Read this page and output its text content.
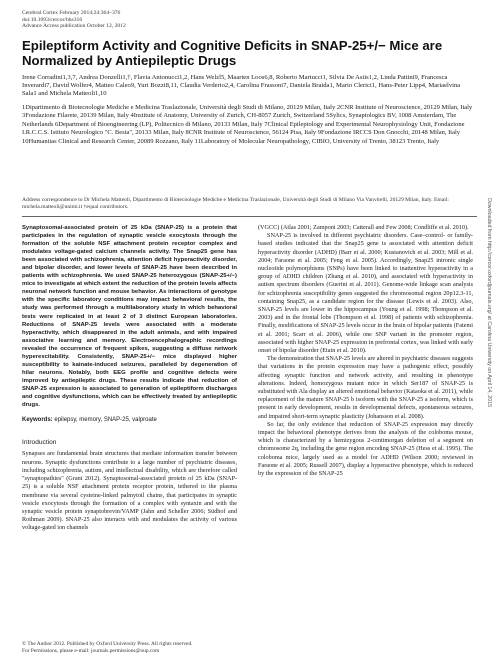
Cerebral Cortex February 2014;24:364–376
doi:10.1093/cercor/bhs316
Advance Access publication October 12, 2012
Epileptiform Activity and Cognitive Deficits in SNAP-25+/− Mice are Normalized by Antiepileptic Drugs
Irene Corradini1,3,7, Andrea Donzelli1,†, Flavia Antonucci1,2, Hans Welzl5, Maarten Loos6,8, Roberto Martucci1, Silvia De Astis1,2, Linda Pattini9, Francesca Inverardi7, David Wolfer4, Matteo Caleo9, Yuri Bozzi8,11, Claudia Verderio2,4, Carolina Frassoni7, Daniela Braida1, Mario Clerici1, Hans-Peter Lipp4, Mariaelvina Sala1 and Michela Matteoli1,10
1Dipartimento di Biotecnologie Mediche e Medicina Traslazionale, Università degli Studi di Milano, 20129 Milan, Italy 2CNR Institute of Neuroscience, 20129 Milan, Italy 3Fondazione Filarete, 20139 Milan, Italy 4Institute of Anatomy, University of Zurich, CH-8057 Zurich, Switzerland 5Sylics, Synaptologics BV, 1008 Amsterdam, The Netherlands 6Department of Bioengineering (LP), Politecnico di Milano, 20133 Milan, Italy 7Clinical Epileptology and Experimental Neurophysiology Unit, Fondazione I.R.C.C.S. Istituto Neurologico "C. Besta", 20133 Milan, Italy 8CNR Institute of Neuroscience, 56124 Pisa, Italy 9Fondazione IRCCS Don Gnocchi, 20148 Milan, Italy 10Humanitas Clinical and Research Center, 20089 Rozzano, Italy 11Laboratory of Molecular Neuropathology, CIBIO, University of Trento, 38123 Trento, Italy
Address correspondence to Dr Michela Matteoli, Dipartimento di Biotecnologie Mediche e Medicina Traslazionale, Università degli Studi di Milano Via Vanvitelli, 20129 Milan, Italy. Email: michela.matteoli@unimi.it †equal contributors.

Synaptosomal-associated protein of 25 kDa (SNAP-25) is a protein that participates in the regulation of synaptic vesicle exocytosis through the formation of the soluble NSF attachment protein receptor complex and modulates voltage-gated calcium channels activity. The Snap25 gene has been associated with schizophrenia, attention deficit hyperactivity disorder, and bipolar disorder, and lower levels of SNAP-25 have been described in patients with schizophrenia. We used SNAP-25 heterozygous (SNAP-25+/−) mice to investigate at which extent the reduction of the protein levels affects neuronal network function and mouse behavior. As interactions of genotype with the specific laboratory conditions may impact behavioral results, the study was performed through a multilaboratory study in which behavioral tests were replicated in at least 2 of 3 distinct European laboratories. Reductions of SNAP-25 levels were associated with a moderate hyperactivity, which disappeared in the adult animals, and with impaired associative learning and memory. Electroencephalographic recordings revealed the occurrence of frequent spikes, suggesting a diffuse network hyperexcitability. Consistently, SNAP-25+/− mice displayed higher susceptibility to kainate-induced seizures, paralleled by degeneration of hilar neurons. Notably, both EEG profile and cognitive defects were improved by antiepileptic drugs. These results indicate that reduction of SNAP-25 expression is associated to generation of epileptiform discharges and cognitive dysfunctions, which can be effectively treated by antiepileptic drugs.

Keywords: epilepsy, memory, SNAP-25, valproate

Introduction

Synapses are fundamental brain structures that mediate information transfer between neurons. Synaptic dysfunctions contribute to a large number of psychiatric diseases, including schizophrenia, autism, and intellectual disability, which are therefore called "synaptopathies" (Grant 2012). Synaptosomal-associated protein of 25 kDa (SNAP-25) is a soluble NSF attachment protein receptor protein, tethered to the plasma membrane via several cysteine-linked palmytoil chains, that participates in synaptic vesicle exocytosis through the formation of a complex with syntaxin and with the synaptic vesicle protein synaptobrevin/VAMP (Jahn and Scheller 2006; Südhof and Rothman 2009). SNAP-25 also interacts with and modulates the activity of various voltage-gated ion channels

(VGCC) (Atlas 2001; Zamponi 2003; Catterall and Few 2008; Condliffe et al. 2010).

SNAP-25 is involved in different psychiatric disorders. Case–control- or family-based studies indicated that the Snap25 gene is associated with attention deficit hyperactivity disorder (ADHD) (Barr et al. 2000; Kustanovich et al. 2003; Mill et al. 2004; Faraone et al. 2005; Feng et al. 2005). Accordingly, Snap25 intronic single nucleotide polymorphisms (SNPs) have been linked to inattentive hyperactivity in a group of ADHD children (Zhang et al. 2010), and associated with hyperactivity in autism spectrum disorders (Guerini et al. 2011). Genome-wide linkage scan analysis for schizophrenia susceptibility genes suggested the chromosomal region 20p12.3-11, containing Snap25, as a candidate region for the disease (Lewis et al. 2003). Also, SNAP-25 levels are lower in the hippocampus (Young et al. 1998; Thompson et al. 2003) and in the frontal lobe (Thompson et al. 1998) of patients with schizophrenia. Finally, modifications of SNAP-25 levels occur in the brain of bipolar patients (Fatemi et al. 2001; Scarr et al. 2006), while one SNP variant in the promoter region, associated with higher SNAP-25 expression in prefrontal cortex, was linked with early onset of bipolar disorder (Etain et al. 2010).

The demonstration that SNAP-25 levels are altered in psychiatric diseases suggests that variations in the protein expression may have a pathogenic effect, possibly affecting synaptic function and network activity, and resulting in phenotype alterations. Indeed, homozygous mutant mice in which Ser187 of SNAP-25 is substituted with Ala display an altered emotional behavior (Kataoka et al. 2011), while replacement of the mature SNAP-25 b isoform with the SNAP-25 a isoform, which is present in early development, results in developmental defects, spontaneous seizures, and impaired short-term synaptic plasticity (Johansson et al. 2008).

So far, the only evidence that reduction of SNAP-25 expression may directly impact the behavioral phenotype derives from the analysis of the coloboma mouse, which is characterized by a hemizygous 2-centimorgan deletion of a segment on chromosome 2q, including the gene region encoding SNAP-25 (Hess et al. 1995). The coloboma mice, largely used as a model for ADHD (Wilson 2000; reviewed in Faraone et al. 2005; Russell 2007), display a hyperactive phenotype, which is reduced by the expression of the SNAP-25

© The Author 2012. Published by Oxford University Press. All rights reserved.
For Permissions, please e-mail: journals.permissions@oup.com
Downloaded from http://cercor.oxfordjournals.org/ at Carolina University on April 14, 2015
